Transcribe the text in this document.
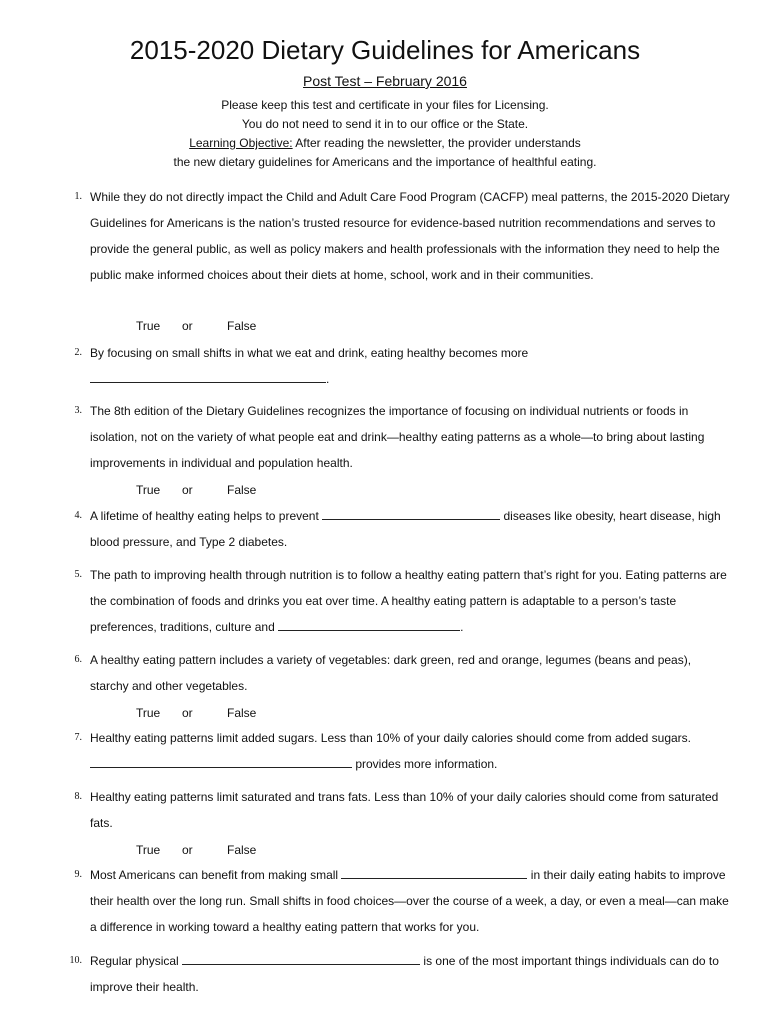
2015-2020 Dietary Guidelines for Americans
Post Test – February 2016
Please keep this test and certificate in your files for Licensing.
You do not need to send it in to our office or the State.
Learning Objective: After reading the newsletter, the provider understands
the new dietary guidelines for Americans and the importance of healthful eating.
1. While they do not directly impact the Child and Adult Care Food Program (CACFP) meal patterns, the 2015-2020 Dietary Guidelines for Americans is the nation’s trusted resource for evidence-based nutrition recommendations and serves to provide the general public, as well as policy makers and health professionals with the information they need to help the public make informed choices about their diets at home, school, work and in their communities.
True or	False
2. By focusing on small shifts in what we eat and drink, eating healthy becomes more
.
3. The 8th edition of the Dietary Guidelines recognizes the importance of focusing on individual nutrients or foods in isolation, not on the variety of what people eat and drink—healthy eating patterns as a whole—to bring about lasting improvements in individual and population health.
True or	False
4. A lifetime of healthy eating helps to prevent	diseases like obesity, heart disease, high blood pressure, and Type 2 diabetes.
5. The path to improving health through nutrition is to follow a healthy eating pattern that’s right for you. Eating patterns are the combination of foods and drinks you eat over time. A healthy eating pattern is adaptable to a person’s taste preferences, traditions, culture and	.
6. A healthy eating pattern includes a variety of vegetables: dark green, red and orange, legumes (beans and peas), starchy and other vegetables.
True or	False
7. Healthy eating patterns limit added sugars. Less than 10% of your daily calories should come from added sugars.  provides more information.
8. Healthy eating patterns limit saturated and trans fats. Less than 10% of your daily calories should come from saturated fats.
True or	False
9. Most Americans can benefit from making small	in their daily eating habits to improve their health over the long run. Small shifts in food choices—over the course of a week, a day, or even a meal—can make a difference in working toward a healthy eating pattern that works for you.
10. Regular physical	is one of the most important things individuals can do to improve their health.
